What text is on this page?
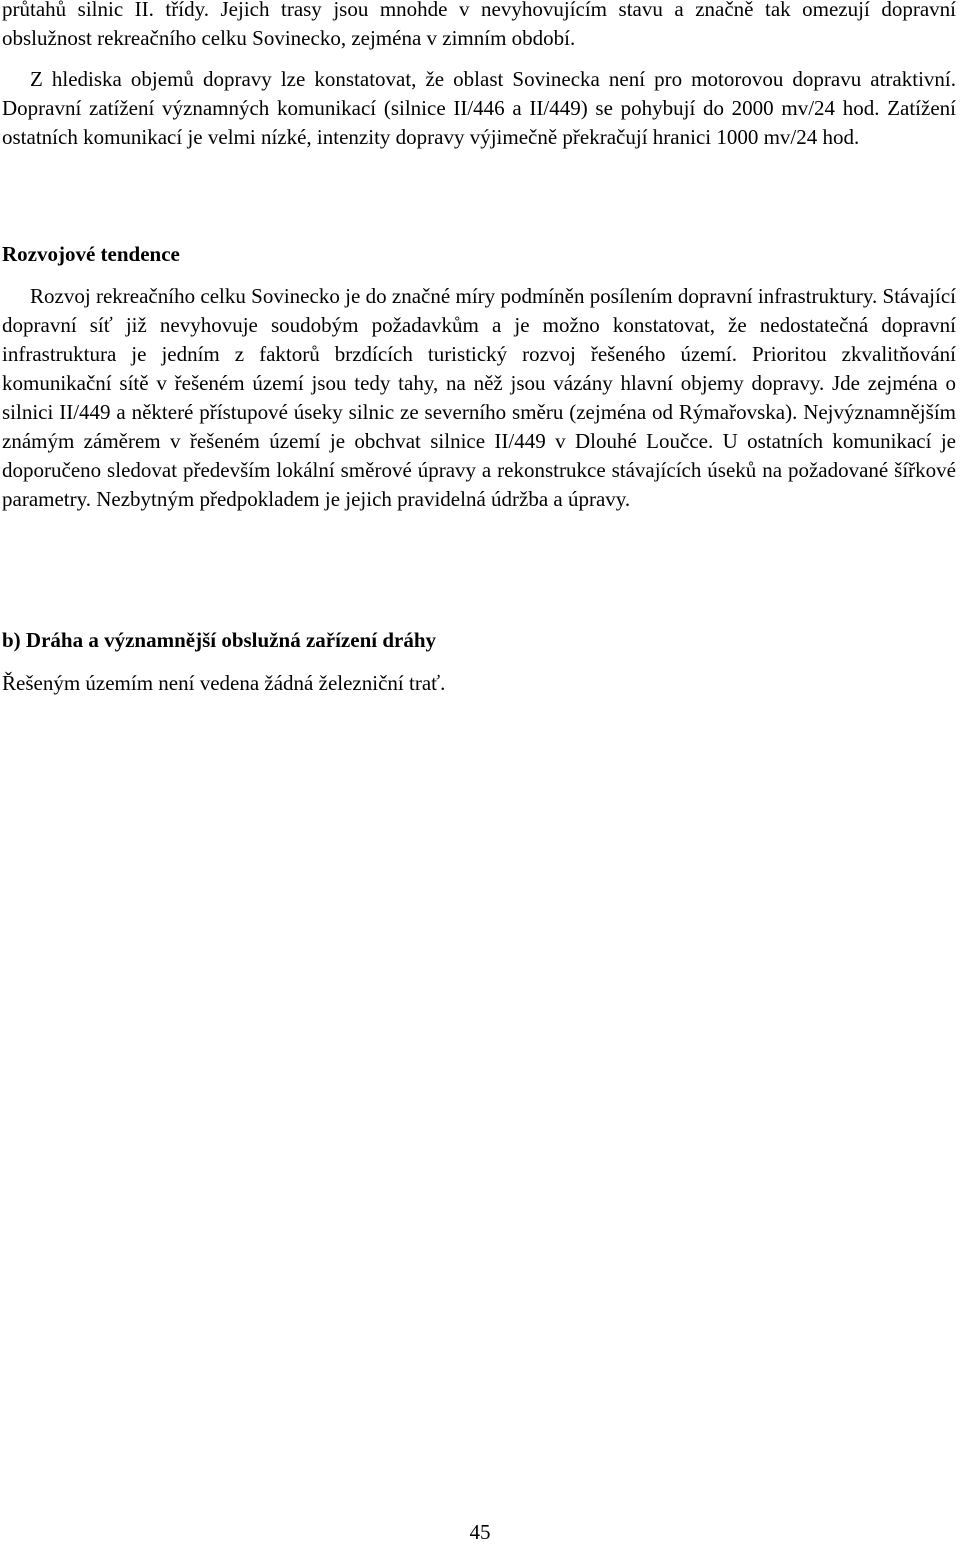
průtahů silnic II. třídy. Jejich trasy jsou mnohde v nevyhovujícím stavu a značně tak omezují dopravní obslužnost rekreačního celku Sovinecko, zejména v zimním období.

Z hlediska objemů dopravy lze konstatovat, že oblast Sovinecka není pro motorovou dopravu atraktivní. Dopravní zatížení významných komunikací (silnice II/446 a II/449) se pohybují do 2000 mv/24 hod. Zatížení ostatních komunikací je velmi nízké, intenzity dopravy výjimečně překračují hranici 1000 mv/24 hod.

Rozvojové tendence

Rozvoj rekreačního celku Sovinecko je do značné míry podmíněn posílením dopravní infrastruktury. Stávající dopravní síť již nevyhovuje soudobým požadavkům a je možno konstatovat, že nedostatečná dopravní infrastruktura je jedním z faktorů brzdících turistický rozvoj řešeného území. Prioritou zkvalitňování komunikační sítě v řešeném území jsou tedy tahy, na něž jsou vázány hlavní objemy dopravy. Jde zejména o silnici II/449 a některé přístupové úseky silnic ze severního směru (zejména od Rýmařovska). Nejvýznamnějším známým záměrem v řešeném území je obchvat silnice II/449 v Dlouhé Loučce. U ostatních komunikací je doporučeno sledovat především lokální směrové úpravy a rekonstrukce stávajících úseků na požadované šířkové parametry. Nezbytným předpokladem je jejich pravidelná údržba a úpravy.

b) Dráha a významnější obslužná zařízení dráhy

Řešeným územím není vedena žádná železniční trať.

45
